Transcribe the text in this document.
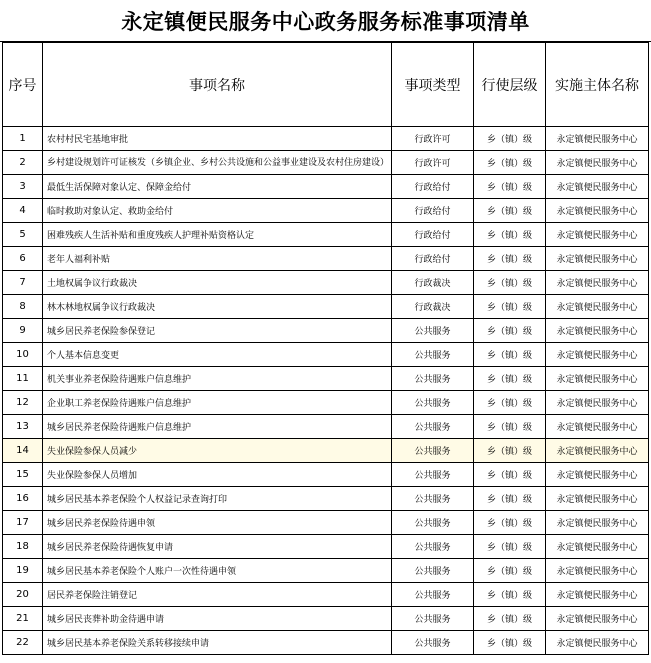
永定镇便民服务中心政务服务标准事项清单
序号	事项名称	事项类型	行使层级	实施主体名称
1	农村村民宅基地审批	行政许可	乡（镇）级	永定镇便民服务中心
2	乡村建设规划许可证核发（乡镇企业、乡村公共设施和公益事业建设及农村住房建设）	行政许可	乡（镇）级	永定镇便民服务中心
3	最低生活保障对象认定、保障金给付	行政给付	乡（镇）级	永定镇便民服务中心
4	临时救助对象认定、救助金给付	行政给付	乡（镇）级	永定镇便民服务中心
5	困难残疾人生活补贴和重度残疾人护理补贴资格认定	行政给付	乡（镇）级	永定镇便民服务中心
6	老年人福利补贴	行政给付	乡（镇）级	永定镇便民服务中心
7	土地权属争议行政裁决	行政裁决	乡（镇）级	永定镇便民服务中心
8	林木林地权属争议行政裁决	行政裁决	乡（镇）级	永定镇便民服务中心
9	城乡居民养老保险参保登记	公共服务	乡（镇）级	永定镇便民服务中心
10	个人基本信息变更	公共服务	乡（镇）级	永定镇便民服务中心
11	机关事业养老保险待遇账户信息维护	公共服务	乡（镇）级	永定镇便民服务中心
12	企业职工养老保险待遇账户信息维护	公共服务	乡（镇）级	永定镇便民服务中心
13	城乡居民养老保险待遇账户信息维护	公共服务	乡（镇）级	永定镇便民服务中心
14	失业保险参保人员减少	公共服务	乡（镇）级	永定镇便民服务中心
15	失业保险参保人员增加	公共服务	乡（镇）级	永定镇便民服务中心
16	城乡居民基本养老保险个人权益记录查询打印	公共服务	乡（镇）级	永定镇便民服务中心
17	城乡居民养老保险待遇申领	公共服务	乡（镇）级	永定镇便民服务中心
18	城乡居民养老保险待遇恢复申请	公共服务	乡（镇）级	永定镇便民服务中心
19	城乡居民基本养老保险个人账户一次性待遇申领	公共服务	乡（镇）级	永定镇便民服务中心
20	居民养老保险注销登记	公共服务	乡（镇）级	永定镇便民服务中心
21	城乡居民丧葬补助金待遇申请	公共服务	乡（镇）级	永定镇便民服务中心
22	城乡居民基本养老保险关系转移接续申请	公共服务	乡（镇）级	永定镇便民服务中心
